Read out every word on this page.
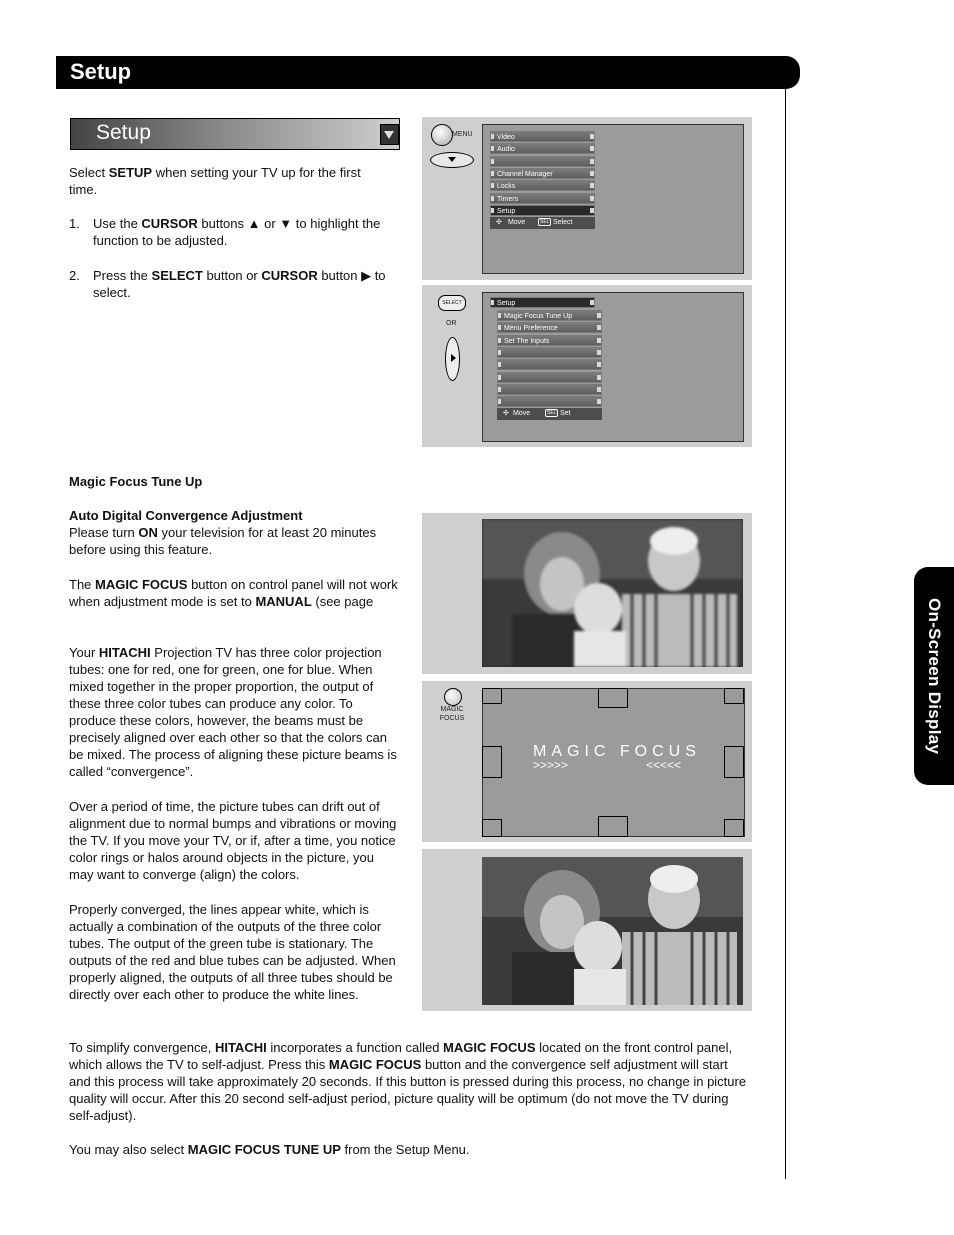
Setup
On-Screen Display
Setup
Select SETUP when setting your TV up for the first time.
1. Use the CURSOR buttons ▲ or ▼ to highlight the function to be adjusted.
2. Press the SELECT button or CURSOR button ▶ to select.
MENU	Video
Audio
Channel Manager
Locks
Timers
Setup
✣ Move	SEL Select
SELECT
OR
Setup
Magic Focus Tune Up
Menu Preference
Set The Inputs
✣ Move	SEL Set
Magic Focus Tune Up
Auto Digital Convergence Adjustment
Please turn ON your television for at least 20 minutes before using this feature.
The MAGIC FOCUS button on control panel will not work when adjustment mode is set to MANUAL (see page
Your HITACHI Projection TV has three color projection tubes: one for red, one for green, one for blue. When mixed together in the proper proportion, the output of these three color tubes can produce any color. To produce these colors, however, the beams must be precisely aligned over each other so that the colors can be mixed. The process of aligning these picture beams is called “convergence”.
Over a period of time, the picture tubes can drift out of alignment due to normal bumps and vibrations or moving the TV. If you move your TV, or if, after a time, you notice color rings or halos around objects in the picture, you may want to converge (align) the colors.
Properly converged, the lines appear white, which is actually a combination of the outputs of the three color tubes. The output of the green tube is stationary. The outputs of the red and blue tubes can be adjusted. When properly aligned, the outputs of all three tubes should be directly over each other to produce the white lines.
To simplify convergence, HITACHI incorporates a function called MAGIC FOCUS located on the front control panel, which allows the TV to self-adjust. Press this MAGIC FOCUS button and the convergence self adjustment will start and this process will take approximately 20 seconds. If this button is pressed during this process, no change in picture quality will occur. After this 20 second self-adjust period, picture quality will be optimum (do not move the TV during self-adjust).
You may also select MAGIC FOCUS TUNE UP from the Setup Menu.
MAGIC
FOCUS
MAGIC FOCUS
>>>>>	<<<<<
